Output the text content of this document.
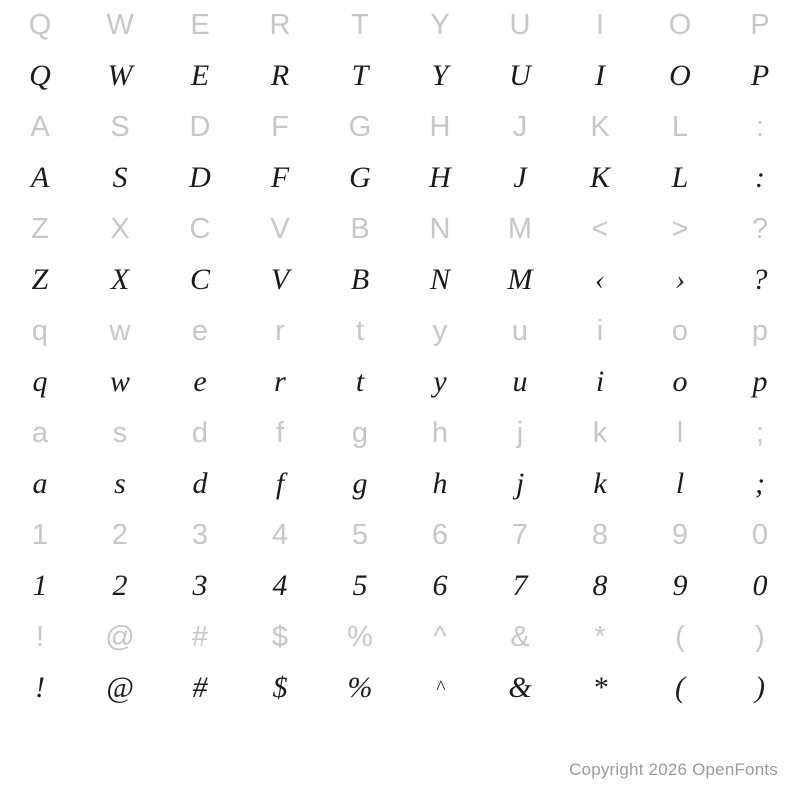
Q	W	E	R	T	Y	U	I	O	P
Q	W	E	R	T	Y	U	I	O	P
A	S	D	F	G	H	J	K	L	:
A	S	D	F	G	H	J	K	L	:
Z	X	C	V	B	N	M	<	>	?
Z	X	C	V	B	N	M	‹	›	?
q	w	e	r	t	y	u	i	o	p
q	w	e	r	t	y	u	i	o	p
a	s	d	f	g	h	j	k	l	;
a	s	d	f	g	h	j	k	l	;
1	2	3	4	5	6	7	8	9	0
1	2	3	4	5	6	7	8	9	0
!	@	#	$	%	^	&	*	(	)
!	@	#	$	%	^	&	*	(	)
Copyright 2026 OpenFonts
